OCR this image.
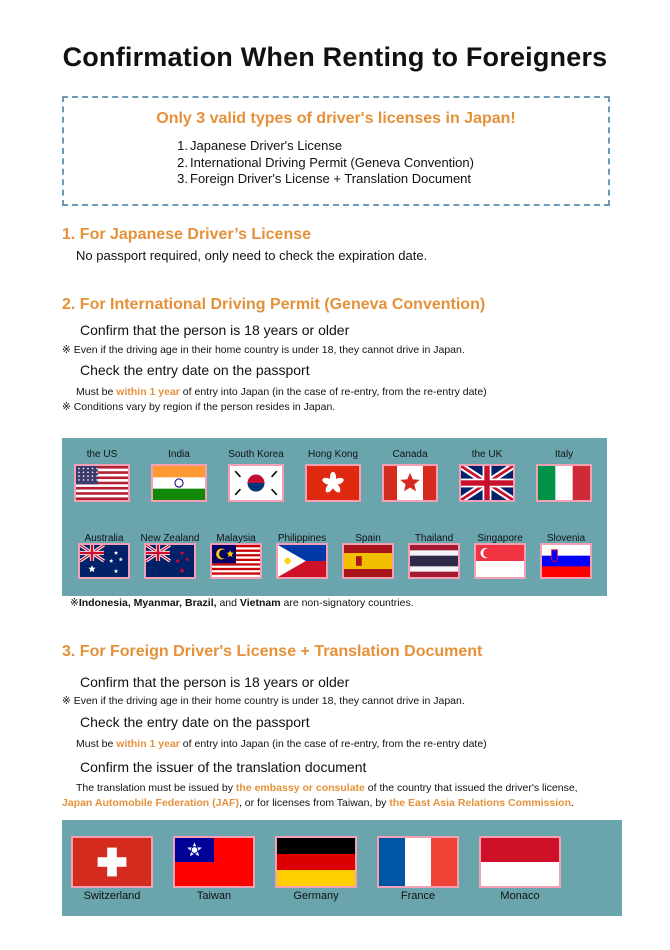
Confirmation When Renting to Foreigners
Only 3 valid types of driver's licenses in Japan!
1. Japanese Driver's License
2. International Driving Permit (Geneva Convention)
3. Foreign Driver's License + Translation Document
1. For Japanese Driver’s License
No passport required, only need to check the expiration date.
2. For International Driving Permit (Geneva Convention)
Confirm that the person is 18 years or older
※ Even if the driving age in their home country is under 18, they cannot drive in Japan.
Check the entry date on the passport
Must be within 1 year of entry into Japan (in the case of re-entry, from the re-entry date)
※ Conditions vary by region if the person resides in Japan.
the US	India	South Korea	Hong Kong	Canada	the UK	Italy
Australia	New Zealand	Malaysia	Philippines	Spain	Thailand	Singapore	Slovenia
※Indonesia, Myanmar, Brazil, and Vietnam are non-signatory countries.
3. For Foreign Driver's License + Translation Document
Confirm that the person is 18 years or older
※ Even if the driving age in their home country is under 18, they cannot drive in Japan.
Check the entry date on the passport
Must be within 1 year of entry into Japan (in the case of re-entry, from the re-entry date)
Confirm the issuer of the translation document
The translation must be issued by the embassy or consulate of the country that issued the driver's license,
Japan Automobile Federation (JAF), or for licenses from Taiwan, by the East Asia Relations Commission.
Switzerland	Taiwan	Germany	France	Monaco
